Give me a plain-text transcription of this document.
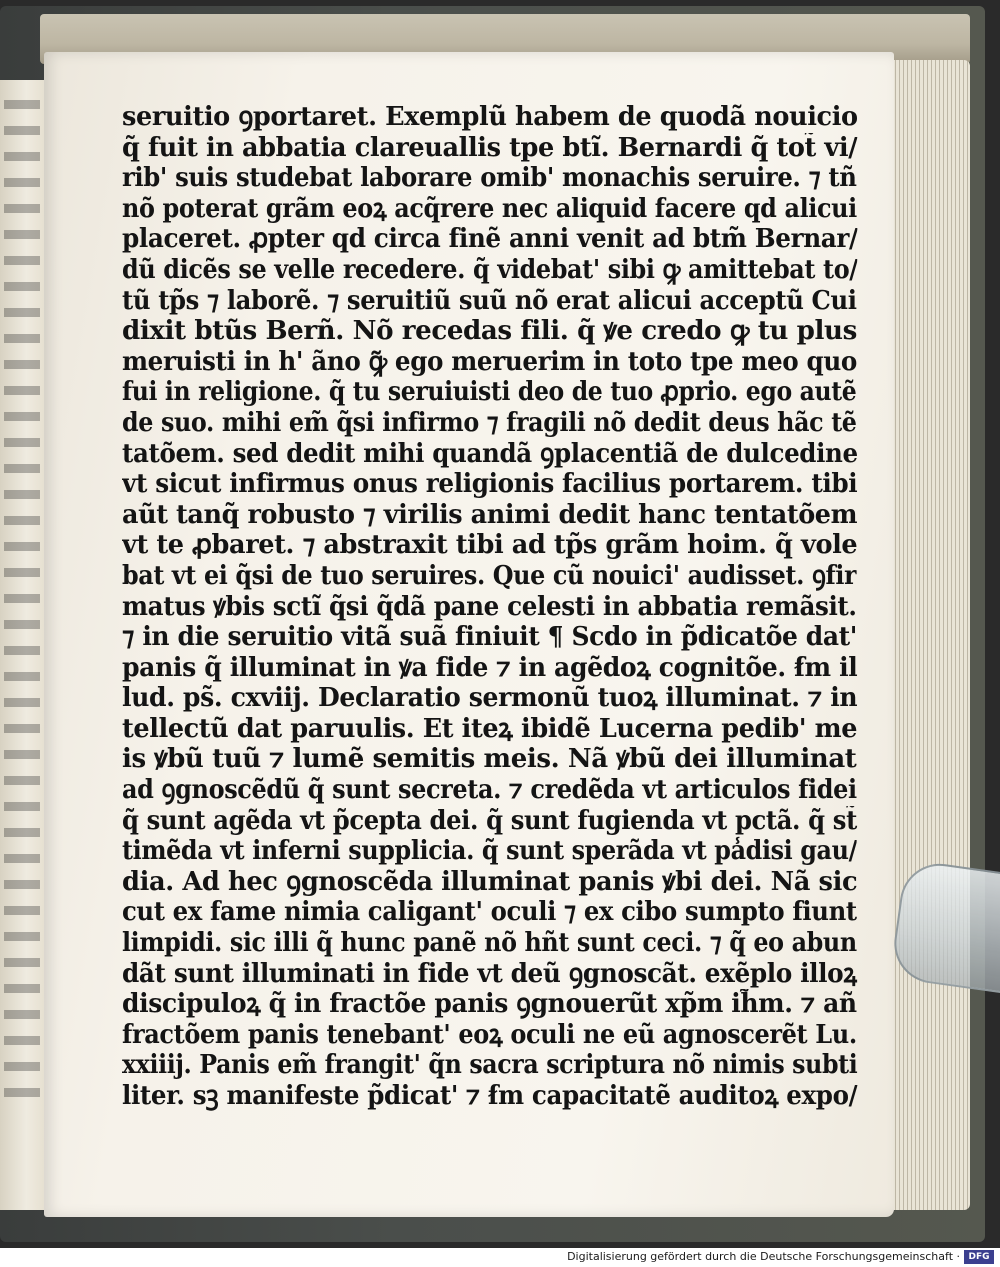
seruitio ꝯportaret. Exemplũ habem de quodã nouicio
q̃ fuit in abbatia clareuallis tpe btĩ. Bernardi q̃ tot̃ vi/
rib' suis studebat laborare omib' monachis seruire. ⁊ tñ
nõ poterat grãm eoꝝ acq̃rere nec aliquid facere qd alicui
placeret. ꝓpter qd circa finẽ anni venit ad btm̃ Bernar/
dũ dicẽs se velle recedere. q̃ videbat' sibi ꝙ amittebat to/
tũ tp̃s ⁊ laborẽ. ⁊ seruitiũ suũ nõ erat alicui acceptũ Cui
dixit btũs Berñ. Nõ recedas fili. q̃ ꝟe credo ꝙ tu plus
meruisti in h' ãno ꝙ̃ ego meruerim in toto tpe meo quo
fui in religione. q̃ tu seruiuisti deo de tuo ꝓprio. ego autẽ
de suo. mihi em̃ q̃si infirmo ⁊ fragili nõ dedit deus hãc tẽ
tatõem. sed dedit mihi quandã ꝯplacentiã de dulcedine
vt sicut infirmus onus religionis facilius portarem. tibi
aũt tanq̃ robusto ⁊ virilis animi dedit hanc tentatõem
vt te ꝓbaret. ⁊ abstraxit tibi ad tp̃s grãm hoim. q̃ vole
bat vt ei q̃si de tuo seruires. Que cũ nouici' audisset. ꝯfir
matus ꝟbis sctĩ q̃si q̃dã pane celesti in abbatia remãsit.
⁊ in die seruitio vitã suã finiuit ¶ Scdo in p̃dicatõe dat'
panis q̃ illuminat in ꝟa fide ⁊ in agẽdoꝝ cognitõe. ẜm il
lud. ps̃. cxviij. Declaratio sermonũ tuoꝝ illuminat. ⁊ in
tellectũ dat paruulis. Et iteꝝ ibidẽ Lucerna pedib' me
is ꝟbũ tuũ ⁊ lumẽ semitis meis. Nã ꝟbũ dei illuminat
ad ꝯgnoscẽdũ q̃ sunt secreta. ⁊ credẽda vt articulos fidei
q̃ sunt agẽda vt p̃cepta dei. q̃ sunt fugienda vt pctã. q̃ st̃
timẽda vt inferni supplicia. q̃ sunt sperãda vt pa̾disi gau/
dia. Ad hec ꝯgnoscẽda illuminat panis ꝟbi dei. Nã sic
cut ex fame nimia caligant' oculi ⁊ ex cibo sumpto fiunt
limpidi. sic illi q̃ hunc panẽ nõ hñt sunt ceci. ⁊ q̃ eo abun
dãt sunt illuminati in fide vt deũ ꝯgnoscãt. exẽplo illoꝝ
discipuloꝝ q̃ in fractõe panis ꝯgnouerũt xp̃m ih̃m. ⁊ añ
fractõem panis tenebant' eoꝝ oculi ne eũ agnoscerẽt Lu.
xxiiij. Panis em̃ frangit' q̃n sacra scriptura nõ nimis subti
liter. sꝫ manifeste p̃dicat' ⁊ ẜm capacitatẽ auditoꝝ expo/
Digitalisierung gefördert durch die Deutsche Forschungsgemeinschaft · DFG
